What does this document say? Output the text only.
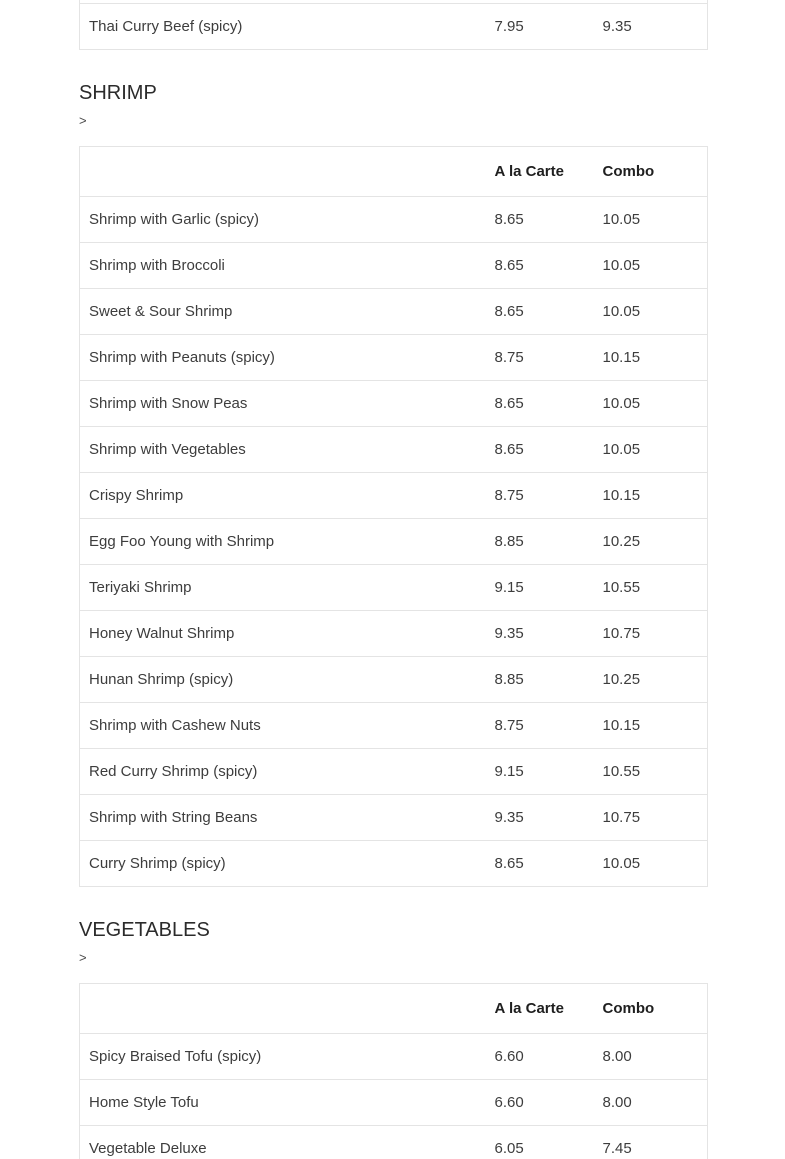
Thai Curry Beef (spicy)	7.95	9.35
SHRIMP
>
	A la Carte	Combo
Shrimp with Garlic (spicy)	8.65	10.05
Shrimp with Broccoli	8.65	10.05
Sweet & Sour Shrimp	8.65	10.05
Shrimp with Peanuts (spicy)	8.75	10.15
Shrimp with Snow Peas	8.65	10.05
Shrimp with Vegetables	8.65	10.05
Crispy Shrimp	8.75	10.15
Egg Foo Young with Shrimp	8.85	10.25
Teriyaki Shrimp	9.15	10.55
Honey Walnut Shrimp	9.35	10.75
Hunan Shrimp (spicy)	8.85	10.25
Shrimp with Cashew Nuts	8.75	10.15
Red Curry Shrimp (spicy)	9.15	10.55
Shrimp with String Beans	9.35	10.75
Curry Shrimp (spicy)	8.65	10.05
VEGETABLES
>
	A la Carte	Combo
Spicy Braised Tofu (spicy)	6.60	8.00
Home Style Tofu	6.60	8.00
Vegetable Deluxe	6.05	7.45
